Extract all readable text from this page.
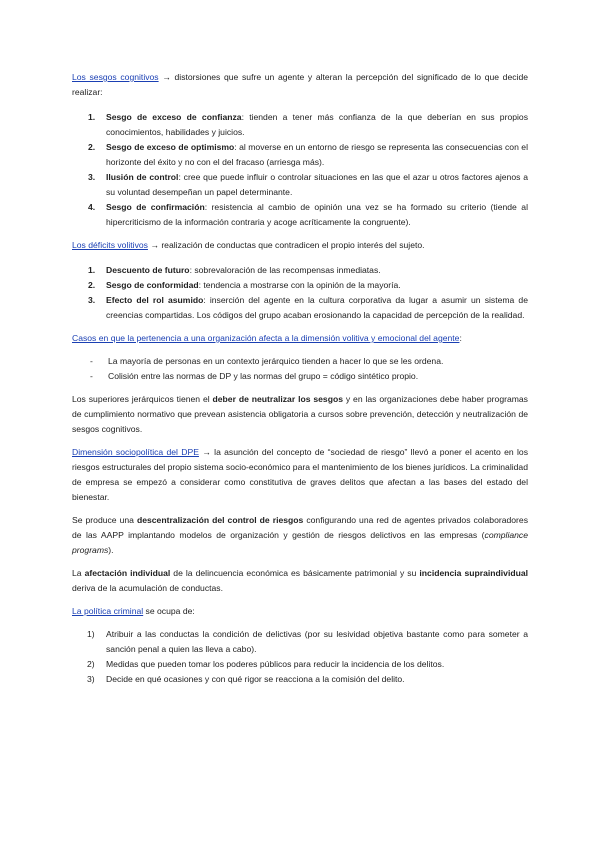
Los sesgos cognitivos → distorsiones que sufre un agente y alteran la percepción del significado de lo que decide realizar:

1. Sesgo de exceso de confianza: tienden a tener más confianza de la que deberían en sus propios conocimientos, habilidades y juicios.
2. Sesgo de exceso de optimismo: al moverse en un entorno de riesgo se representa las consecuencias con el horizonte del éxito y no con el del fracaso (arriesga más).
3. Ilusión de control: cree que puede influir o controlar situaciones en las que el azar u otros factores ajenos a su voluntad desempeñan un papel determinante.
4. Sesgo de confirmación: resistencia al cambio de opinión una vez se ha formado su criterio (tiende al hipercriticismo de la información contraria y acoge acríticamente la congruente).

Los déficits volitivos → realización de conductas que contradicen el propio interés del sujeto.

1. Descuento de futuro: sobrevaloración de las recompensas inmediatas.
2. Sesgo de conformidad: tendencia a mostrarse con la opinión de la mayoría.
3. Efecto del rol asumido: inserción del agente en la cultura corporativa da lugar a asumir un sistema de creencias compartidas. Los códigos del grupo acaban erosionando la capacidad de percepción de la realidad.

Casos en que la pertenencia a una organización afecta a la dimensión volitiva y emocional del agente:

- La mayoría de personas en un contexto jerárquico tienden a hacer lo que se les ordena.
- Colisión entre las normas de DP y las normas del grupo = código sintético propio.

Los superiores jerárquicos tienen el deber de neutralizar los sesgos y en las organizaciones debe haber programas de cumplimiento normativo que prevean asistencia obligatoria a cursos sobre prevención, detección y neutralización de sesgos cognitivos.

Dimensión sociopolítica del DPE → la asunción del concepto de “sociedad de riesgo” llevó a poner el acento en los riesgos estructurales del propio sistema socio-económico para el mantenimiento de los bienes jurídicos. La criminalidad de empresa se empezó a considerar como constitutiva de graves delitos que afectan a las bases del estado del bienestar.

Se produce una descentralización del control de riesgos configurando una red de agentes privados colaboradores de las AAPP implantando modelos de organización y gestión de riesgos delictivos en las empresas (compliance programs).

La afectación individual de la delincuencia económica es básicamente patrimonial y su incidencia supraindividual deriva de la acumulación de conductas.

La política criminal se ocupa de:

1) Atribuir a las conductas la condición de delictivas (por su lesividad objetiva bastante como para someter a sanción penal a quien las lleva a cabo).
2) Medidas que pueden tomar los poderes públicos para reducir la incidencia de los delitos.
3) Decide en qué ocasiones y con qué rigor se reacciona a la comisión del delito.
